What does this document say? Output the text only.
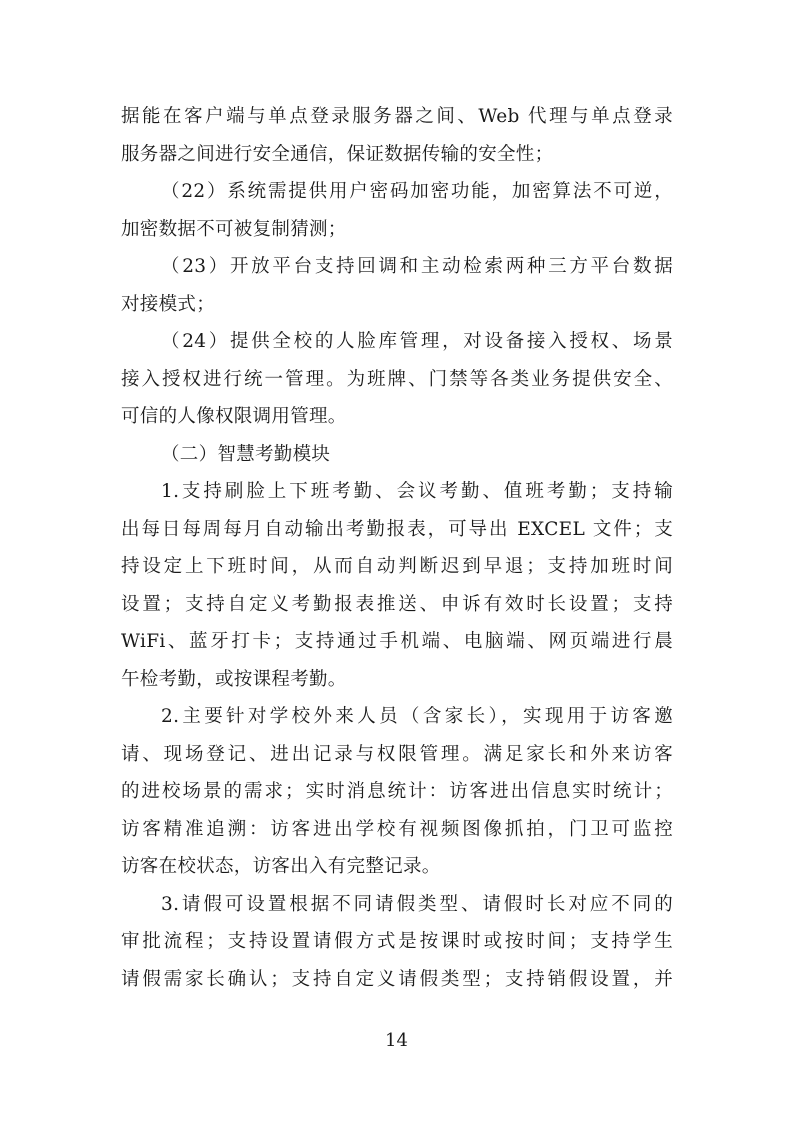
据能在客户端与单点登录服务器之间、Web 代理与单点登录
服务器之间进行安全通信，保证数据传输的安全性；
（22）系统需提供用户密码加密功能，加密算法不可逆，
加密数据不可被复制猜测；
（23）开放平台支持回调和主动检索两种三方平台数据
对接模式；
（24）提供全校的人脸库管理，对设备接入授权、场景
接入授权进行统一管理。为班牌、门禁等各类业务提供安全、
可信的人像权限调用管理。
（二）智慧考勤模块
1.支持刷脸上下班考勤、会议考勤、值班考勤；支持输
出每日每周每月自动输出考勤报表，可导出 EXCEL 文件；支
持设定上下班时间，从而自动判断迟到早退；支持加班时间
设置；支持自定义考勤报表推送、申诉有效时长设置；支持
WiFi、蓝牙打卡；支持通过手机端、电脑端、网页端进行晨
午检考勤，或按课程考勤。
2.主要针对学校外来人员（含家长），实现用于访客邀
请、现场登记、进出记录与权限管理。满足家长和外来访客
的进校场景的需求；实时消息统计：访客进出信息实时统计；
访客精准追溯：访客进出学校有视频图像抓拍，门卫可监控
访客在校状态，访客出入有完整记录。
3.请假可设置根据不同请假类型、请假时长对应不同的
审批流程；支持设置请假方式是按课时或按时间；支持学生
请假需家长确认；支持自定义请假类型；支持销假设置，并
14
